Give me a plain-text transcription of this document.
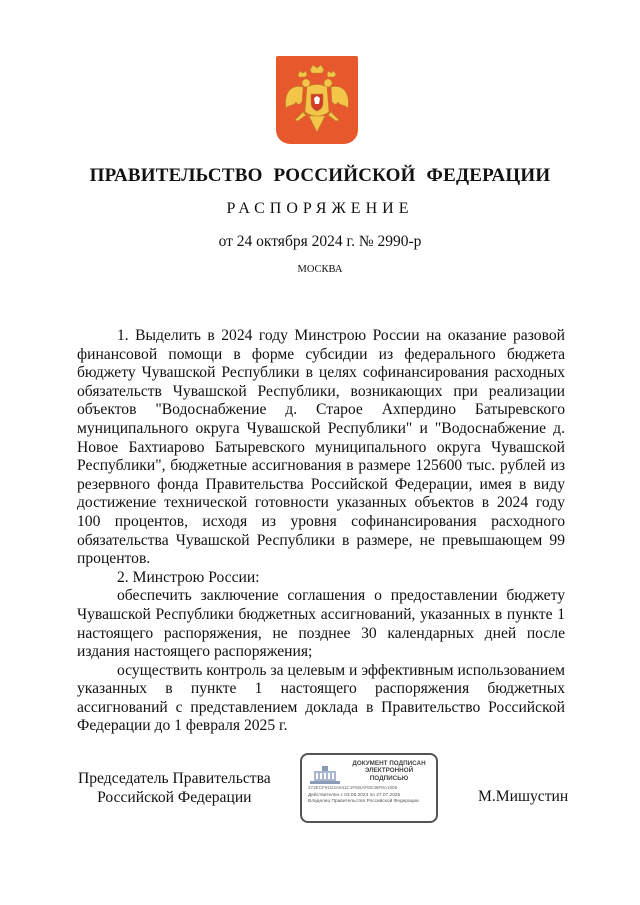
ПРАВИТЕЛЬСТВО РОССИЙСКОЙ ФЕДЕРАЦИИ
РАСПОРЯЖЕНИЕ
от 24 октября 2024 г. № 2990-р
МОСКВА

1. Выделить в 2024 году Минстрою России на оказание разовой финансовой помощи в форме субсидии из федерального бюджета бюджету Чувашской Республики в целях софинансирования расходных обязательств Чувашской Республики, возникающих при реализации объектов "Водоснабжение д. Старое Ахпердино Батыревского муниципального округа Чувашской Республики" и "Водоснабжение д. Новое Бахтиарово Батыревского муниципального округа Чувашской Республики", бюджетные ассигнования в размере 125600 тыс. рублей из резервного фонда Правительства Российской Федерации, имея в виду достижение технической готовности указанных объектов в 2024 году 100 процентов, исходя из уровня софинансирования расходного обязательства Чувашской Республики в размере, не превышающем 99 процентов.

2. Минстрою России:

обеспечить заключение соглашения о предоставлении бюджету Чувашской Республики бюджетных ассигнований, указанных в пункте 1 настоящего распоряжения, не позднее 30 календарных дней после издания настоящего распоряжения;

осуществить контроль за целевым и эффективным использованием указанных в пункте 1 настоящего распоряжения бюджетных ассигнований с представлением доклада в Правительство Российской Федерации до 1 февраля 2025 г.

Председатель Правительства
Российской Федерации
ДОКУМЕНТ ПОДПИСАН
ЭЛЕКТРОННОЙ ПОДПИСЬЮ
272ECF91D4A041C1FEBAFEE36F8A1006
Действителен с 03.05.2024 по 27.07.2025
Владелец Правительство Российской Федерации	М.Мишустин
